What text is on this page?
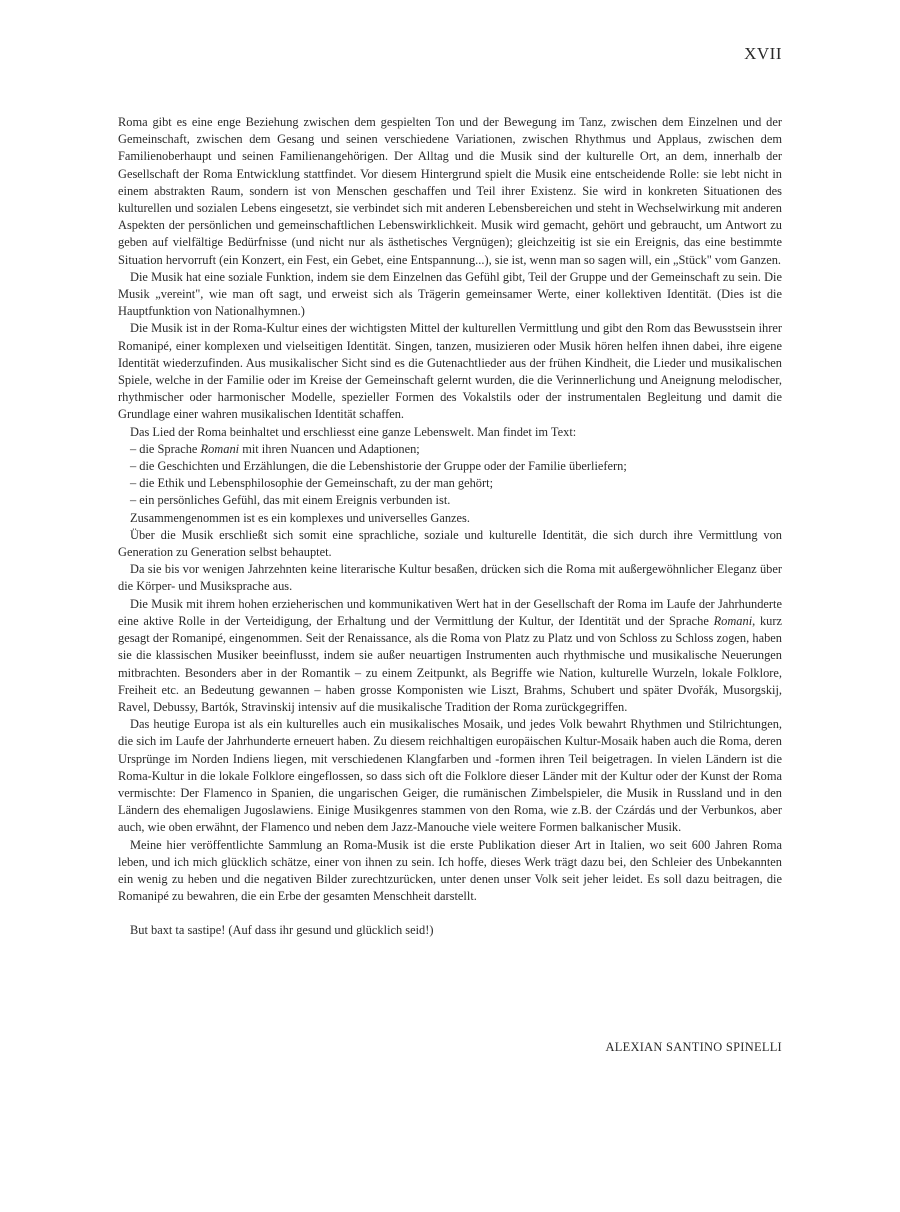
XVII

Roma gibt es eine enge Beziehung zwischen dem gespielten Ton und der Bewegung im Tanz, zwischen dem Einzelnen und der Gemeinschaft, zwischen dem Gesang und seinen verschiedene Variationen, zwischen Rhythmus und Applaus, zwischen dem Familienoberhaupt und seinen Familienangehörigen. Der Alltag und die Musik sind der kulturelle Ort, an dem, innerhalb der Gesellschaft der Roma Entwicklung stattfindet. Vor diesem Hintergrund spielt die Musik eine entscheidende Rolle: sie lebt nicht in einem abstrakten Raum, sondern ist von Menschen geschaffen und Teil ihrer Existenz. Sie wird in konkreten Situationen des kulturellen und sozialen Lebens eingesetzt, sie verbindet sich mit anderen Lebensbereichen und steht in Wechselwirkung mit anderen Aspekten der persönlichen und gemeinschaftlichen Lebenswirklichkeit. Musik wird gemacht, gehört und gebraucht, um Antwort zu geben auf vielfältige Bedürfnisse (und nicht nur als ästhetisches Vergnügen); gleichzeitig ist sie ein Ereignis, das eine bestimmte Situation hervorruft (ein Konzert, ein Fest, ein Gebet, eine Entspannung...), sie ist, wenn man so sagen will, ein „Stück" vom Ganzen.

Die Musik hat eine soziale Funktion, indem sie dem Einzelnen das Gefühl gibt, Teil der Gruppe und der Gemeinschaft zu sein. Die Musik „vereint", wie man oft sagt, und erweist sich als Trägerin gemeinsamer Werte, einer kollektiven Identität. (Dies ist die Hauptfunktion von Nationalhymnen.)

Die Musik ist in der Roma-Kultur eines der wichtigsten Mittel der kulturellen Vermittlung und gibt den Rom das Bewusstsein ihrer Romanipé, einer komplexen und vielseitigen Identität. Singen, tanzen, musizieren oder Musik hören helfen ihnen dabei, ihre eigene Identität wiederzufinden. Aus musikalischer Sicht sind es die Gutenachtlieder aus der frühen Kindheit, die Lieder und musikalischen Spiele, welche in der Familie oder im Kreise der Gemeinschaft gelernt wurden, die die Verinnerlichung und Aneignung melodischer, rhythmischer oder harmonischer Modelle, spezieller Formen des Vokalstils oder der instrumentalen Begleitung und damit die Grundlage einer wahren musikalischen Identität schaffen.

Das Lied der Roma beinhaltet und erschliesst eine ganze Lebenswelt. Man findet im Text:

– die Sprache Romani mit ihren Nuancen und Adaptionen;

– die Geschichten und Erzählungen, die die Lebenshistorie der Gruppe oder der Familie überliefern;

– die Ethik und Lebensphilosophie der Gemeinschaft, zu der man gehört;

– ein persönliches Gefühl, das mit einem Ereignis verbunden ist.

Zusammengenommen ist es ein komplexes und universelles Ganzes.

Über die Musik erschließt sich somit eine sprachliche, soziale und kulturelle Identität, die sich durch ihre Vermittlung von Generation zu Generation selbst behauptet.

Da sie bis vor wenigen Jahrzehnten keine literarische Kultur besaßen, drücken sich die Roma mit außergewöhnlicher Eleganz über die Körper- und Musiksprache aus.

Die Musik mit ihrem hohen erzieherischen und kommunikativen Wert hat in der Gesellschaft der Roma im Laufe der Jahrhunderte eine aktive Rolle in der Verteidigung, der Erhaltung und der Vermittlung der Kultur, der Identität und der Sprache Romani, kurz gesagt der Romanipé, eingenommen. Seit der Renaissance, als die Roma von Platz zu Platz und von Schloss zu Schloss zogen, haben sie die klassischen Musiker beeinflusst, indem sie außer neuartigen Instrumenten auch rhythmische und musikalische Neuerungen mitbrachten. Besonders aber in der Romantik – zu einem Zeitpunkt, als Begriffe wie Nation, kulturelle Wurzeln, lokale Folklore, Freiheit etc. an Bedeutung gewannen – haben grosse Komponisten wie Liszt, Brahms, Schubert und später Dvořák, Musorgskij, Ravel, Debussy, Bartók, Stravinskij intensiv auf die musikalische Tradition der Roma zurückgegriffen.

Das heutige Europa ist als ein kulturelles auch ein musikalisches Mosaik, und jedes Volk bewahrt Rhythmen und Stilrichtungen, die sich im Laufe der Jahrhunderte erneuert haben. Zu diesem reichhaltigen europäischen Kultur-Mosaik haben auch die Roma, deren Ursprünge im Norden Indiens liegen, mit verschiedenen Klangfarben und -formen ihren Teil beigetragen. In vielen Ländern ist die Roma-Kultur in die lokale Folklore eingeflossen, so dass sich oft die Folklore dieser Länder mit der Kultur oder der Kunst der Roma vermischte: Der Flamenco in Spanien, die ungarischen Geiger, die rumänischen Zimbelspieler, die Musik in Russland und in den Ländern des ehemaligen Jugoslawiens. Einige Musikgenres stammen von den Roma, wie z.B. der Czárdás und der Verbunkos, aber auch, wie oben erwähnt, der Flamenco und neben dem Jazz-Manouche viele weitere Formen balkanischer Musik.

Meine hier veröffentlichte Sammlung an Roma-Musik ist die erste Publikation dieser Art in Italien, wo seit 600 Jahren Roma leben, und ich mich glücklich schätze, einer von ihnen zu sein. Ich hoffe, dieses Werk trägt dazu bei, den Schleier des Unbekannten ein wenig zu heben und die negativen Bilder zurechtzurücken, unter denen unser Volk seit jeher leidet. Es soll dazu beitragen, die Romanipé zu bewahren, die ein Erbe der gesamten Menschheit darstellt.

But baxt ta sastipe! (Auf dass ihr gesund und glücklich seid!)

ALEXIAN SANTINO SPINELLI
